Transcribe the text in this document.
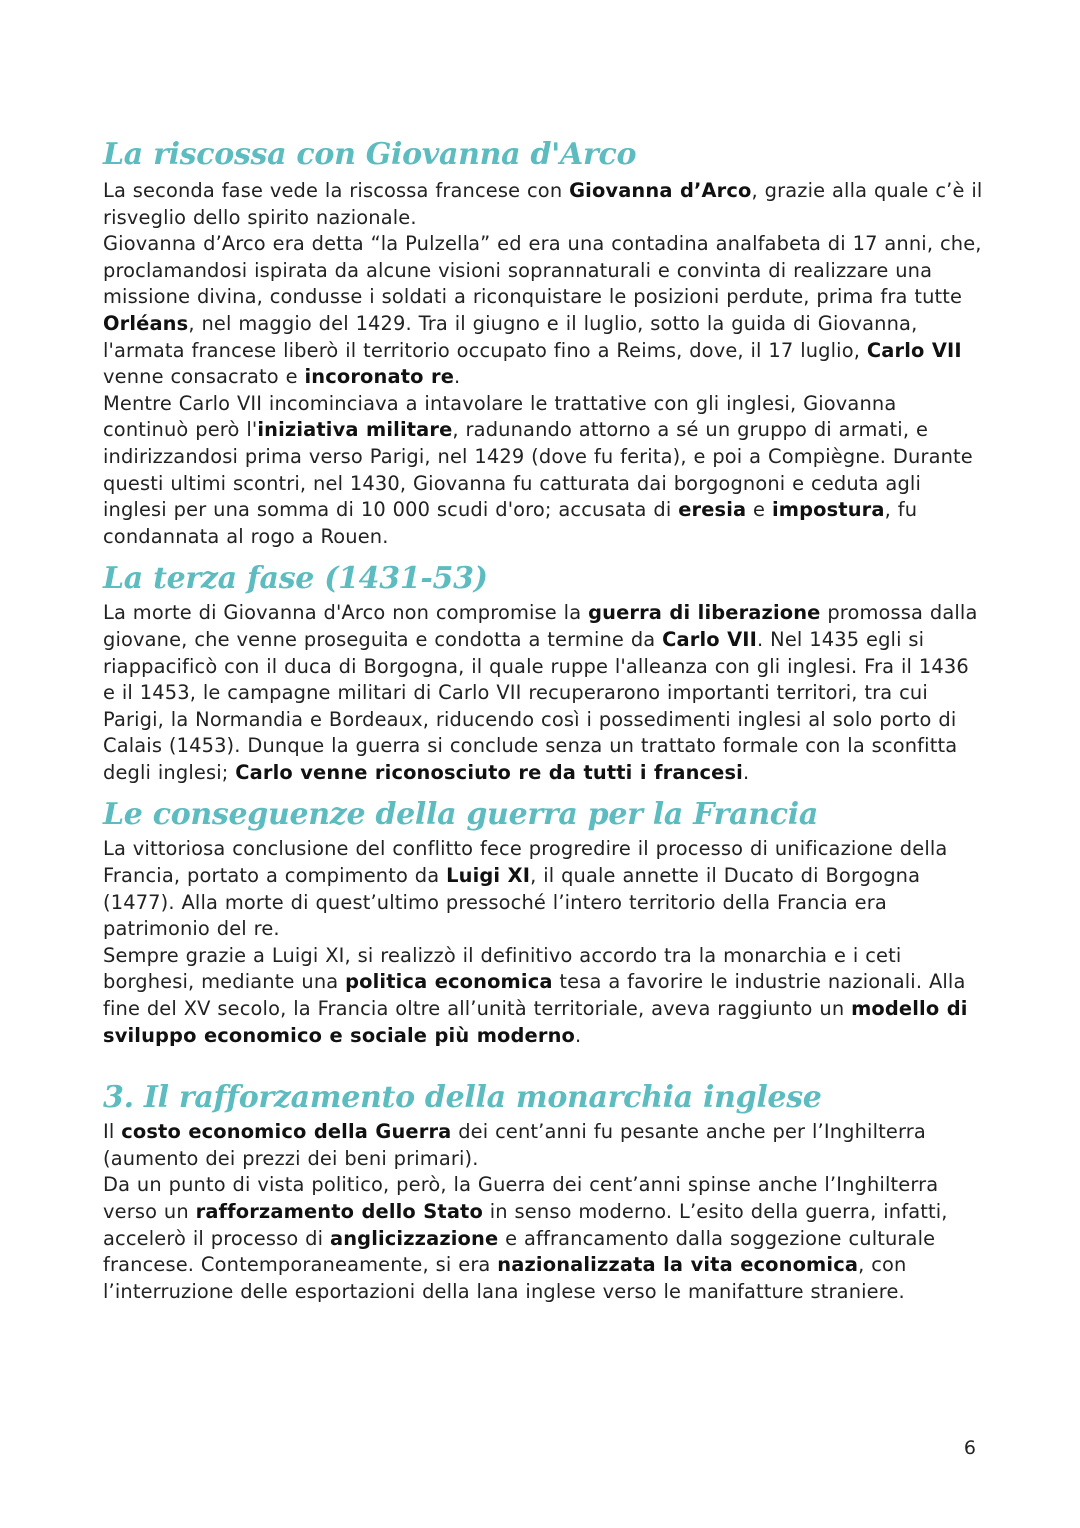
La riscossa con Giovanna d'Arco

La seconda fase vede la riscossa francese con Giovanna d’Arco, grazie alla quale c’è il risveglio dello spirito nazionale.

Giovanna d’Arco era detta “la Pulzella” ed era una contadina analfabeta di 17 anni, che, proclamandosi ispirata da alcune visioni soprannaturali e convinta di realizzare una missione divina, condusse i soldati a riconquistare le posizioni perdute, prima fra tutte Orléans, nel maggio del 1429. Tra il giugno e il luglio, sotto la guida di Giovanna, l'armata francese liberò il territorio occupato fino a Reims, dove, il 17 luglio, Carlo VII venne consacrato e incoronato re.

Mentre Carlo VII incominciava a intavolare le trattative con gli inglesi, Giovanna continuò però l'iniziativa militare, radunando attorno a sé un gruppo di armati, e indirizzandosi prima verso Parigi, nel 1429 (dove fu ferita), e poi a Compiègne. Durante questi ultimi scontri, nel 1430, Giovanna fu catturata dai borgognoni e ceduta agli inglesi per una somma di 10 000 scudi d'oro; accusata di eresia e impostura, fu condannata al rogo a Rouen.

La terza fase (1431-53)

La morte di Giovanna d'Arco non compromise la guerra di liberazione promossa dalla giovane, che venne proseguita e condotta a termine da Carlo VII. Nel 1435 egli si riappacificò con il duca di Borgogna, il quale ruppe l'alleanza con gli inglesi. Fra il 1436 e il 1453, le campagne militari di Carlo VII recuperarono importanti territori, tra cui Parigi, la Normandia e Bordeaux, riducendo così i possedimenti inglesi al solo porto di Calais (1453). Dunque la guerra si conclude senza un trattato formale con la sconfitta degli inglesi; Carlo venne riconosciuto re da tutti i francesi.

Le conseguenze della guerra per la Francia

La vittoriosa conclusione del conflitto fece progredire il processo di unificazione della Francia, portato a compimento da Luigi XI, il quale annette il Ducato di Borgogna (1477). Alla morte di quest’ultimo pressoché l’intero territorio della Francia era patrimonio del re.

Sempre grazie a Luigi XI, si realizzò il definitivo accordo tra la monarchia e i ceti borghesi, mediante una politica economica tesa a favorire le industrie nazionali. Alla fine del XV secolo, la Francia oltre all’unità territoriale, aveva raggiunto un modello di sviluppo economico e sociale più moderno.

3. Il rafforzamento della monarchia inglese

Il costo economico della Guerra dei cent’anni fu pesante anche per l’Inghilterra (aumento dei prezzi dei beni primari).

Da un punto di vista politico, però, la Guerra dei cent’anni spinse anche l’Inghilterra verso un rafforzamento dello Stato in senso moderno. L’esito della guerra, infatti, accelerò il processo di anglicizzazione e affrancamento dalla soggezione culturale francese. Contemporaneamente, si era nazionalizzata la vita economica, con l’interruzione delle esportazioni della lana inglese verso le manifatture straniere.

6
